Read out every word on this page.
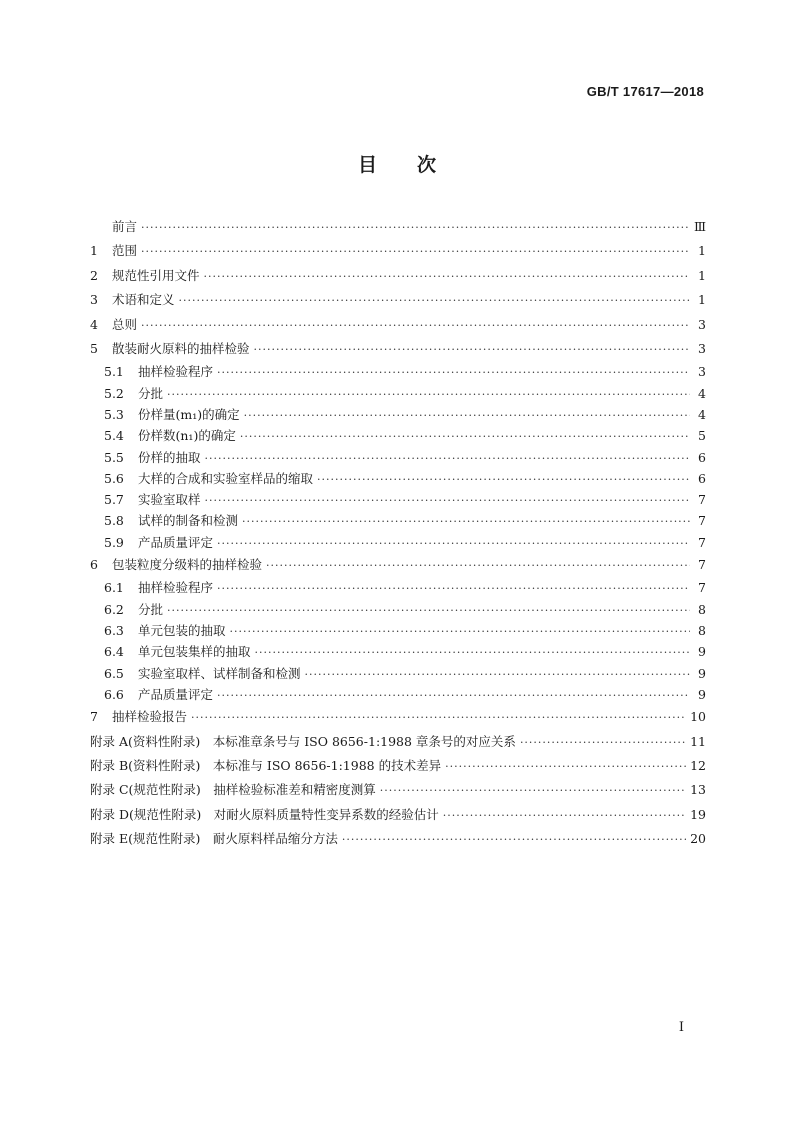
GB/T 17617—2018
目次
前言 ·····	Ⅲ
1	范围 ·····	1
2	规范性引用文件 ·····	1
3	术语和定义 ·····	1
4	总则 ·····	3
5	散装耐火原料的抽样检验 ·····	3
5.1	抽样检验程序 ·····	3
5.2	分批 ·····	4
5.3	份样量(m₁)的确定 ·····	4
5.4	份样数(n₁)的确定 ·····	5
5.5	份样的抽取 ·····	6
5.6	大样的合成和实验室样品的缩取 ·····	6
5.7	实验室取样 ·····	7
5.8	试样的制备和检测 ·····	7
5.9	产品质量评定 ·····	7
6	包装粒度分级料的抽样检验 ·····	7
6.1	抽样检验程序 ·····	7
6.2	分批 ·····	8
6.3	单元包装的抽取 ·····	8
6.4	单元包装集样的抽取 ·····	9
6.5	实验室取样、试样制备和检测 ·····	9
6.6	产品质量评定 ·····	9
7	抽样检验报告 ·····	10
附录 A(资料性附录)　本标准章条号与 ISO 8656-1:1988 章条号的对应关系 ·····	11
附录 B(资料性附录)　本标准与 ISO 8656-1:1988 的技术差异 ·····	12
附录 C(规范性附录)　抽样检验标准差和精密度测算 ·····	13
附录 D(规范性附录)　对耐火原料质量特性变异系数的经验估计 ·····	19
附录 E(规范性附录)　耐火原料样品缩分方法 ·····	20
I
